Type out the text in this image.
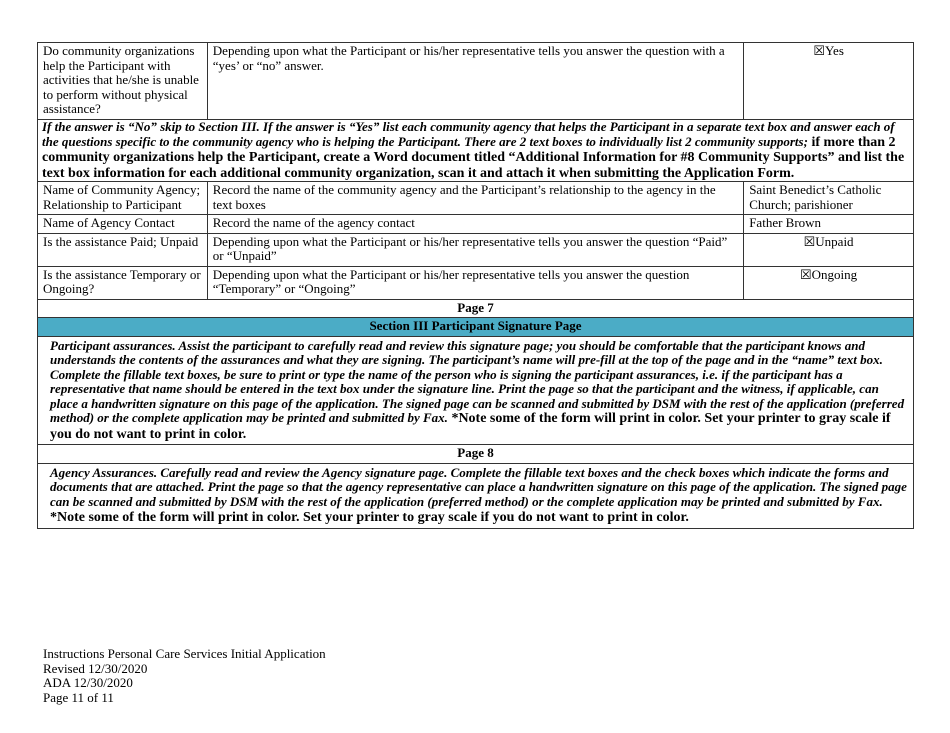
Do community organizations help the Participant with activities that he/she is unable to perform without physical assistance?	Depending upon what the Participant or his/her representative tells you answer the question with a “yes’ or “no” answer.	☒Yes
If the answer is “No” skip to Section III. If the answer is “Yes” list each community agency that helps the Participant in a separate text box and answer each of the questions specific to the community agency who is helping the Participant. There are 2 text boxes to individually list 2 community supports; if more than 2 community organizations help the Participant, create a Word document titled “Additional Information for #8 Community Supports” and list the text box information for each additional community organization, scan it and attach it when submitting the Application Form.		
Name of Community Agency; Relationship to Participant	Record the name of the community agency and the Participant’s relationship to the agency in the text boxes	Saint Benedict’s Catholic Church; parishioner
Name of Agency Contact	Record the name of the agency contact	Father Brown
Is the assistance Paid; Unpaid	Depending upon what the Participant or his/her representative tells you answer the question “Paid” or “Unpaid”	☒Unpaid
Is the assistance Temporary or Ongoing?	Depending upon what the Participant or his/her representative tells you answer the question “Temporary” or “Ongoing”	☒Ongoing
Page 7		
Section III Participant Signature Page		
Participant assurances. Assist the participant to carefully read and review this signature page; you should be comfortable that the participant knows and understands the contents of the assurances and what they are signing. The participant’s name will pre-fill at the top of the page and in the “name” text box. Complete the fillable text boxes, be sure to print or type the name of the person who is signing the participant assurances, i.e. if the participant has a representative that name should be entered in the text box under the signature line. Print the page so that the participant and the witness, if applicable, can place a handwritten signature on this page of the application. The signed page can be scanned and submitted by DSM with the rest of the application (preferred method) or the complete application may be printed and submitted by Fax. *Note some of the form will print in color. Set your printer to gray scale if you do not want to print in color.		
Page 8		
Agency Assurances. Carefully read and review the Agency signature page. Complete the fillable text boxes and the check boxes which indicate the forms and documents that are attached. Print the page so that the agency representative can place a handwritten signature on this page of the application. The signed page can be scanned and submitted by DSM with the rest of the application (preferred method) or the complete application may be printed and submitted by Fax. *Note some of the form will print in color. Set your printer to gray scale if you do not want to print in color.		
Instructions Personal Care Services Initial Application
Revised 12/30/2020
ADA 12/30/2020
Page 11 of 11
